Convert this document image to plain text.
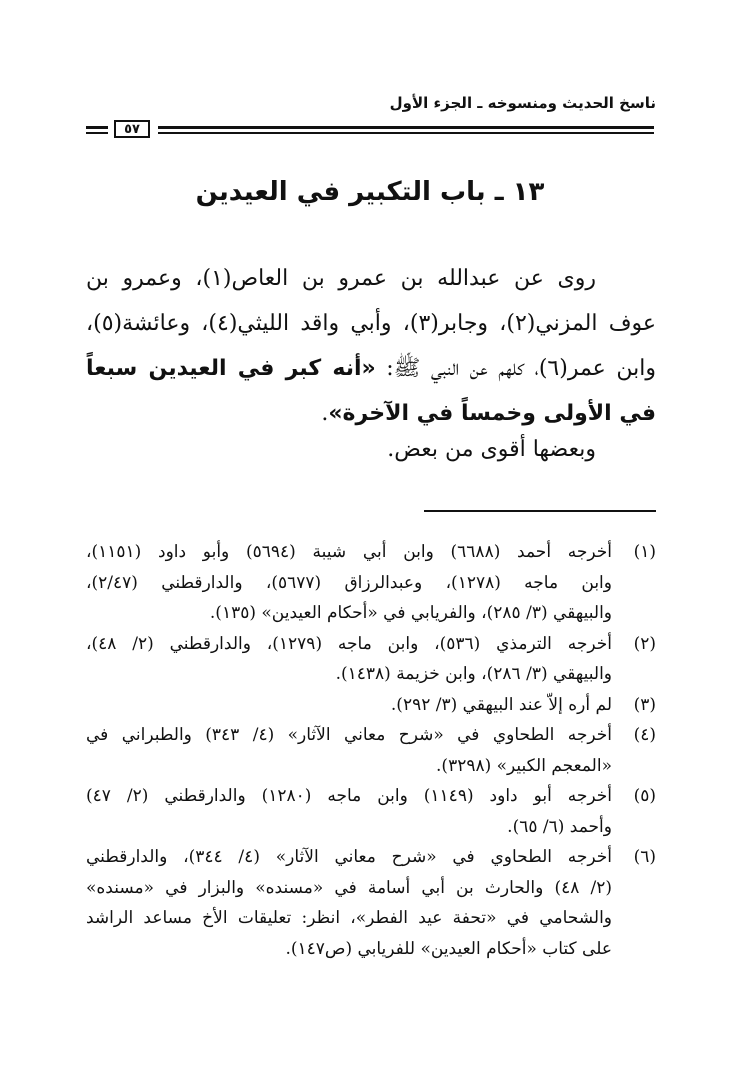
ناسخ الحديث ومنسوخه ـ الجزء الأول
٥٧
١٣ ـ باب التكبير في العيدين
روى عن عبدالله بن عمرو بن العاص(١)، وعمرو بن
عوف المزني(٢)، وجابر(٣)، وأبي واقد الليثي(٤)، وعائشة(٥)،
وابن عمر(٦)، كلهم عن النبي ﷺ: «أنه كبر في العيدين سبعاً
في الأولى وخمساً في الآخرة».
وبعضها أقوى من بعض.
(١)
أخرجه أحمد (٦٦٨٨) وابن أبي شيبة (٥٦٩٤) وأبو داود (١١٥١)،
وابن ماجه (١٢٧٨)، وعبدالرزاق (٥٦٧٧)، والدارقطني (٢/٤٧)،
والبيهقي (٣/ ٢٨٥)، والفريابي في «أحكام العيدين» (١٣٥).
(٢)
أخرجه الترمذي (٥٣٦)، وابن ماجه (١٢٧٩)، والدارقطني (٢/ ٤٨)،
والبيهقي (٣/ ٢٨٦)، وابن خزيمة (١٤٣٨).
(٣)
لم أره إلاّ عند البيهقي (٣/ ٢٩٢).
(٤)
أخرجه الطحاوي في «شرح معاني الآثار» (٤/ ٣٤٣) والطبراني في
«المعجم الكبير» (٣٢٩٨).
(٥)
أخرجه أبو داود (١١٤٩) وابن ماجه (١٢٨٠) والدارقطني (٢/ ٤٧)
وأحمد (٦/ ٦٥).
(٦)
أخرجه الطحاوي في «شرح معاني الآثار» (٤/ ٣٤٤)، والدارقطني
(٢/ ٤٨) والحارث بن أبي أسامة في «مسنده» والبزار في «مسنده»
والشحامي في «تحفة عيد الفطر»، انظر: تعليقات الأخ مساعد الراشد
على كتاب «أحكام العيدين» للفريابي (ص١٤٧).
